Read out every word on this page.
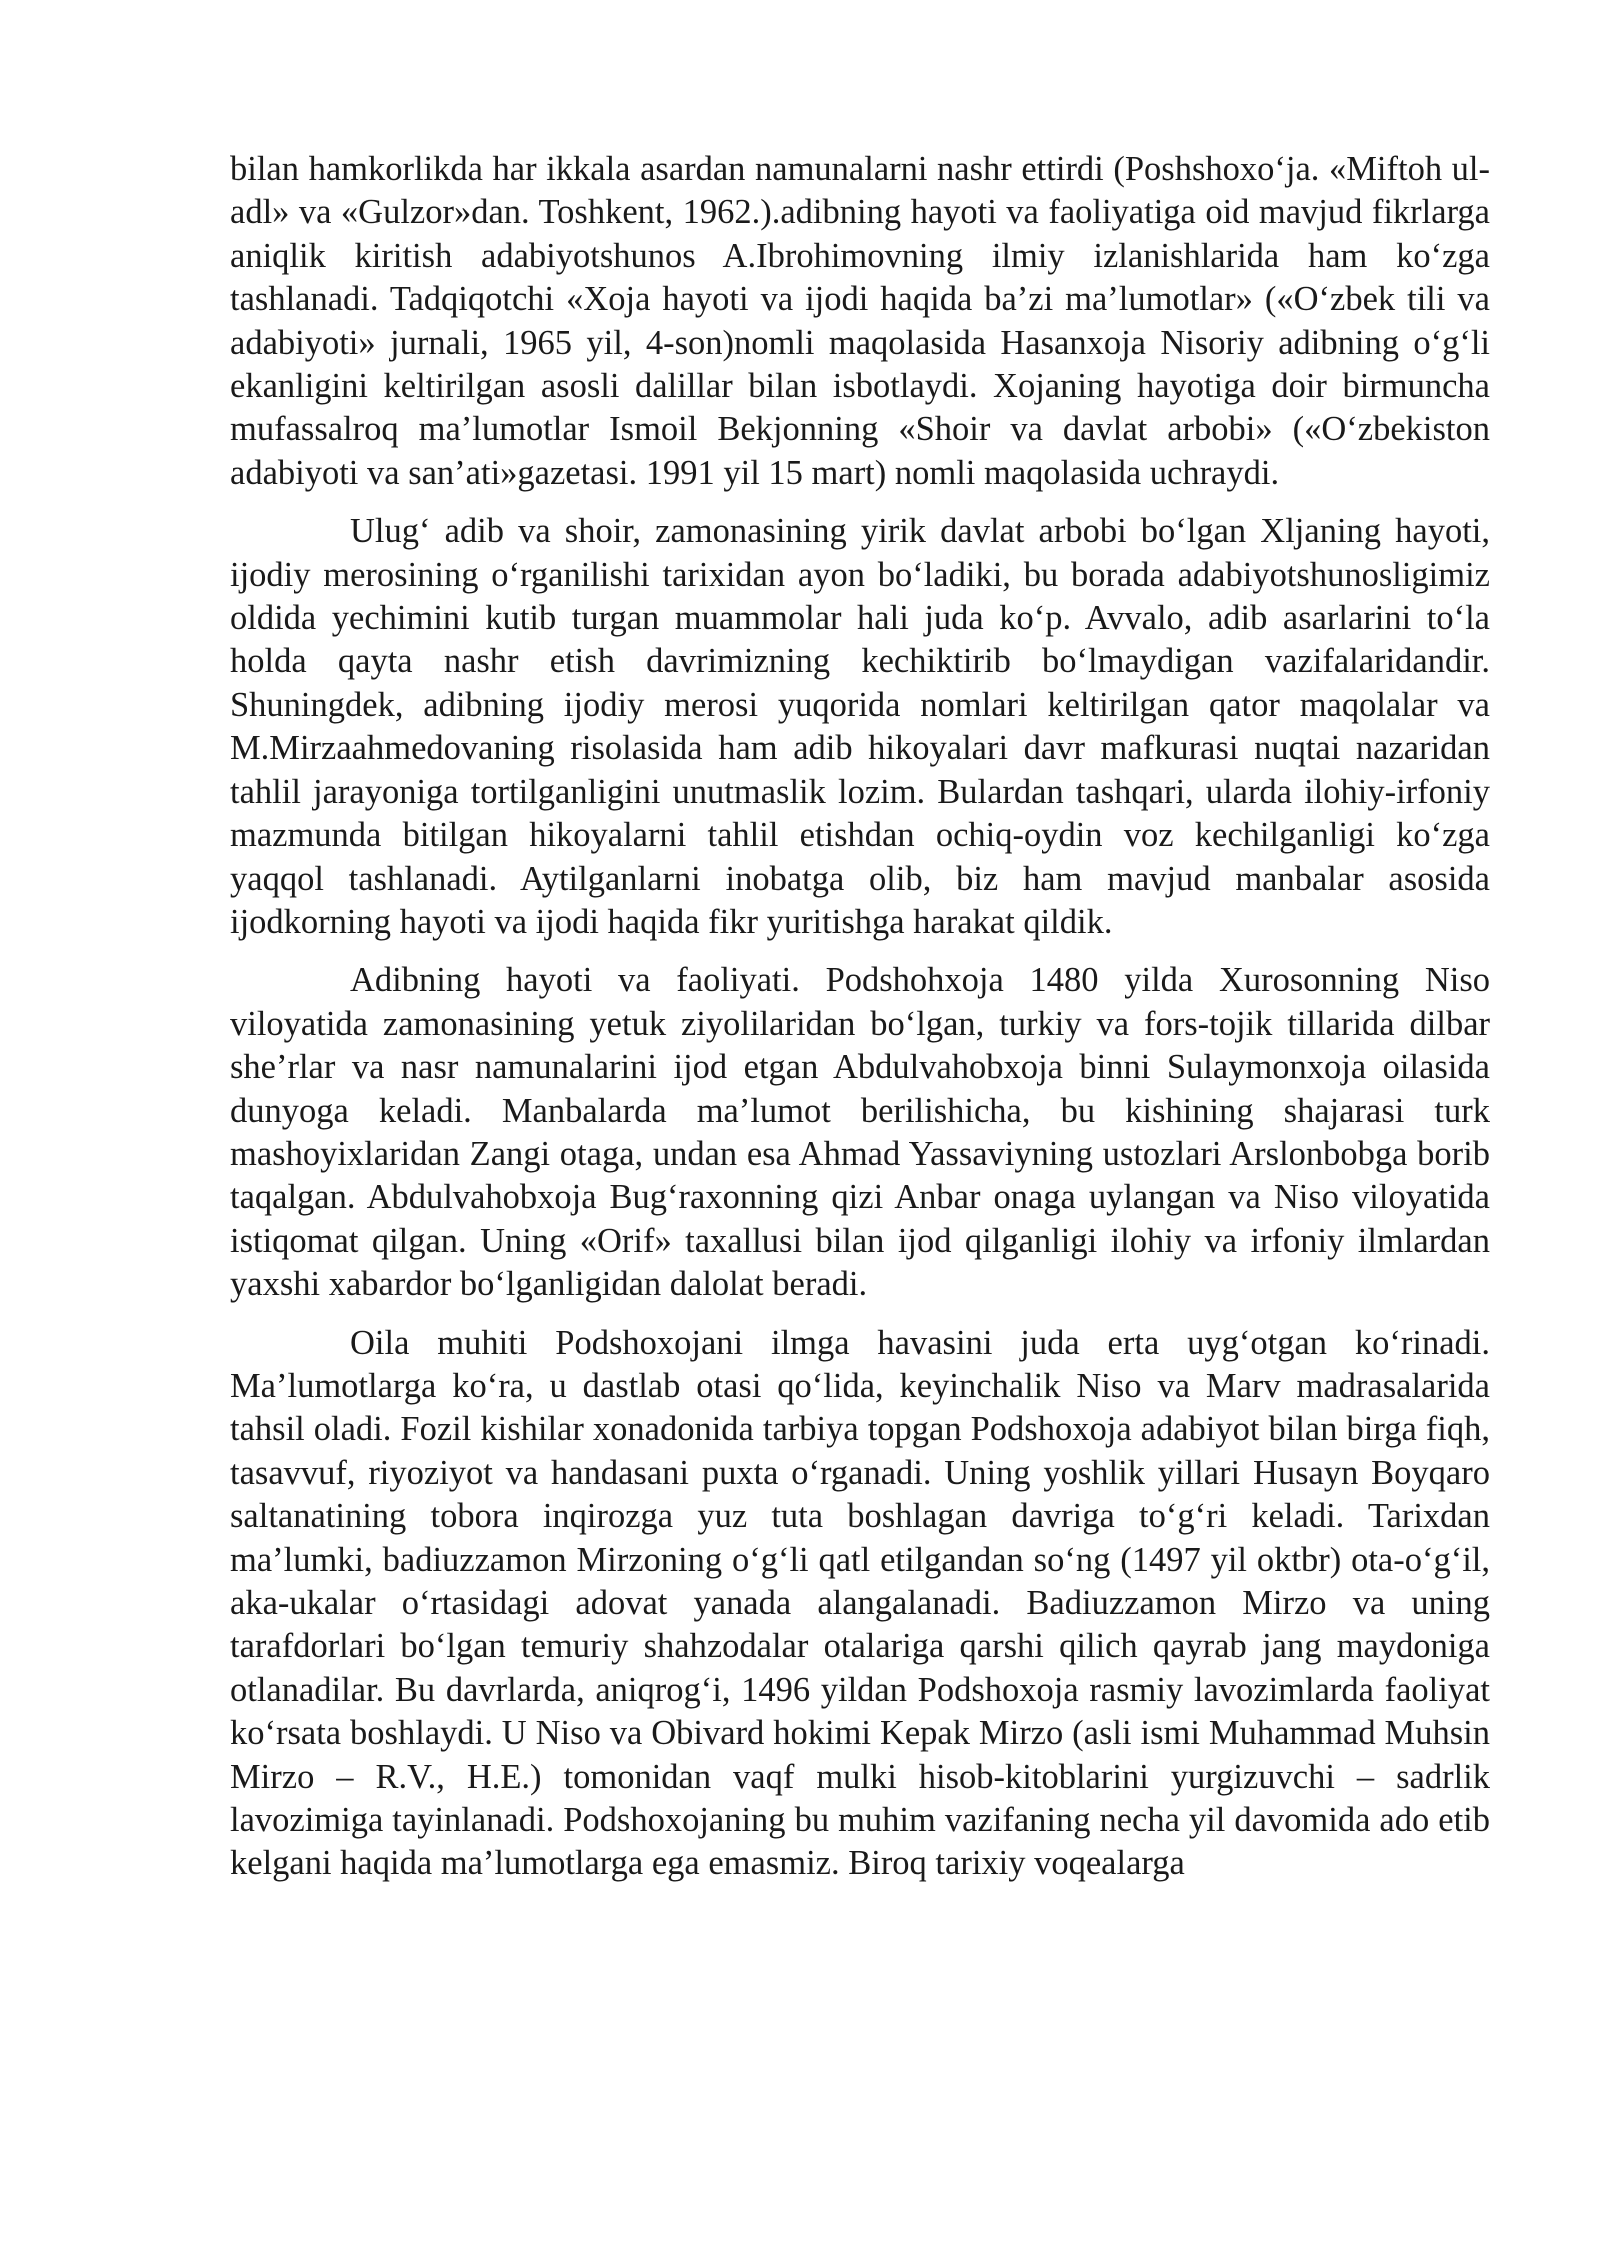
bilan hamkorlikda har ikkala asardan namunalarni nashr ettirdi (Poshshoxo‘ja. «Miftoh ul-adl» va «Gulzor»dan. Toshkent, 1962.).adibning hayoti va faoliyatiga oid mavjud fikrlarga aniqlik kiritish adabiyotshunos A.Ibrohimovning ilmiy izlanishlarida ham ko‘zga tashlanadi. Tadqiqotchi «Xoja hayoti va ijodi haqida ba’zi ma’lumotlar» («O‘zbek tili va adabiyoti» jurnali, 1965 yil, 4-son)nomli maqolasida Hasanxoja Nisoriy adibning o‘g‘li ekanligini keltirilgan asosli dalillar bilan isbotlaydi. Xojaning hayotiga doir birmuncha mufassalroq ma’lumotlar Ismoil Bekjonning «Shoir va davlat arbobi» («O‘zbekiston adabiyoti va san’ati»gazetasi. 1991 yil 15 mart) nomli maqolasida uchraydi.

Ulug‘ adib va shoir, zamonasining yirik davlat arbobi bo‘lgan Xljaning hayoti, ijodiy merosining o‘rganilishi tarixidan ayon bo‘ladiki, bu borada adabiyotshunosligimiz oldida yechimini kutib turgan muammolar hali juda ko‘p. Avvalo, adib asarlarini to‘la holda qayta nashr etish davrimizning kechiktirib bo‘lmaydigan vazifalaridandir. Shuningdek, adibning ijodiy merosi yuqorida nomlari keltirilgan qator maqolalar va M.Mirzaahmedovaning risolasida ham adib hikoyalari davr mafkurasi nuqtai nazaridan tahlil jarayoniga tortilganligini unutmaslik lozim. Bulardan tashqari, ularda ilohiy-irfoniy mazmunda bitilgan hikoyalarni tahlil etishdan ochiq-oydin voz kechilganligi ko‘zga yaqqol tashlanadi. Aytilganlarni inobatga olib, biz ham mavjud manbalar asosida ijodkorning hayoti va ijodi haqida fikr yuritishga harakat qildik.

Adibning hayoti va faoliyati. Podshohxoja 1480 yilda Xurosonning Niso viloyatida zamonasining yetuk ziyolilaridan bo‘lgan, turkiy va fors-tojik tillarida dilbar she’rlar va nasr namunalarini ijod etgan Abdulvahobxoja binni Sulaymonxoja oilasida dunyoga keladi. Manbalarda ma’lumot berilishicha, bu kishining shajarasi turk mashoyixlaridan Zangi otaga, undan esa Ahmad Yassaviyning ustozlari Arslonbobga borib taqalgan. Abdulvahobxoja Bug‘raxonning qizi Anbar onaga uylangan va Niso viloyatida istiqomat qilgan. Uning «Orif» taxallusi bilan ijod qilganligi ilohiy va irfoniy ilmlardan yaxshi xabardor bo‘lganligidan dalolat beradi.

Oila muhiti Podshoxojani ilmga havasini juda erta uyg‘otgan ko‘rinadi. Ma’lumotlarga ko‘ra, u dastlab otasi qo‘lida, keyinchalik Niso va Marv madrasalarida tahsil oladi. Fozil kishilar xonadonida tarbiya topgan Podshoxoja adabiyot bilan birga fiqh, tasavvuf, riyoziyot va handasani puxta o‘rganadi. Uning yoshlik yillari Husayn Boyqaro saltanatining tobora inqirozga yuz tuta boshlagan davriga to‘g‘ri keladi. Tarixdan ma’lumki, badiuzzamon Mirzoning o‘g‘li qatl etilgandan so‘ng (1497 yil oktbr) ota-o‘g‘il, aka-ukalar o‘rtasidagi adovat yanada alangalanadi. Badiuzzamon Mirzo va uning tarafdorlari bo‘lgan temuriy shahzodalar otalariga qarshi qilich qayrab jang maydoniga otlanadilar. Bu davrlarda, aniqrog‘i, 1496 yildan Podshoxoja rasmiy lavozimlarda faoliyat ko‘rsata boshlaydi. U Niso va Obivard hokimi Kepak Mirzo (asli ismi Muhammad Muhsin Mirzo – R.V., H.E.) tomonidan vaqf mulki hisob-kitoblarini yurgizuvchi – sadrlik lavozimiga tayinlanadi. Podshoxojaning bu muhim vazifaning necha yil davomida ado etib kelgani haqida ma’lumotlarga ega emasmiz. Biroq tarixiy voqealarga
